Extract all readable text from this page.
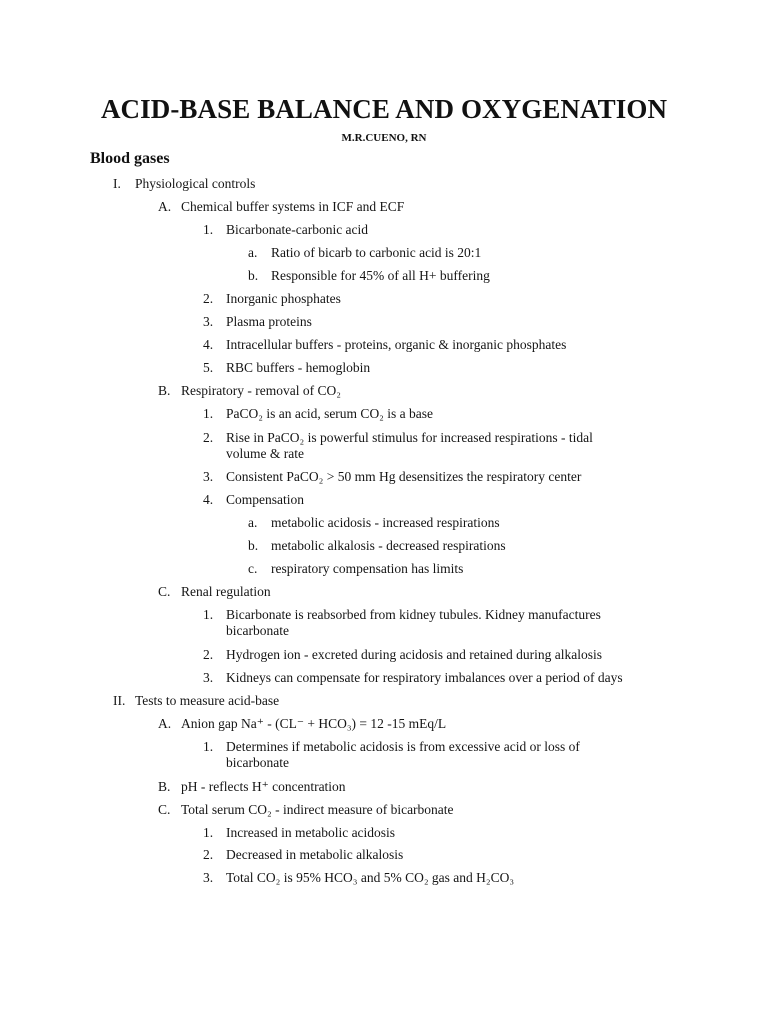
ACID-BASE BALANCE AND OXYGENATION
M.R.CUENO, RN
Blood gases
I. Physiological controls
A. Chemical buffer systems in ICF and ECF
1. Bicarbonate-carbonic acid
a. Ratio of bicarb to carbonic acid is 20:1
b. Responsible for 45% of all H+ buffering
2. Inorganic phosphates
3. Plasma proteins
4. Intracellular buffers - proteins, organic & inorganic phosphates
5. RBC buffers - hemoglobin
B. Respiratory - removal of CO₂
1. PaCO₂ is an acid, serum CO₂ is a base
2. Rise in PaCO₂ is powerful stimulus for increased respirations - tidal
volume & rate
3. Consistent PaCO₂ > 50 mm Hg desensitizes the respiratory center
4. Compensation
a. metabolic acidosis - increased respirations
b. metabolic alkalosis - decreased respirations
c. respiratory compensation has limits
C. Renal regulation
1. Bicarbonate is reabsorbed from kidney tubules. Kidney manufactures
bicarbonate
2. Hydrogen ion - excreted during acidosis and retained during alkalosis
3. Kidneys can compensate for respiratory imbalances over a period of days
II. Tests to measure acid-base
A. Anion gap Na⁺ - (CL⁻ + HCO₃) = 12 -15 mEq/L
1. Determines if metabolic acidosis is from excessive acid or loss of
bicarbonate
B. pH - reflects H⁺ concentration
C. Total serum CO₂ - indirect measure of bicarbonate
1. Increased in metabolic acidosis
2. Decreased in metabolic alkalosis
3. Total CO₂ is 95% HCO₃ and 5% CO₂ gas and H₂CO₃
